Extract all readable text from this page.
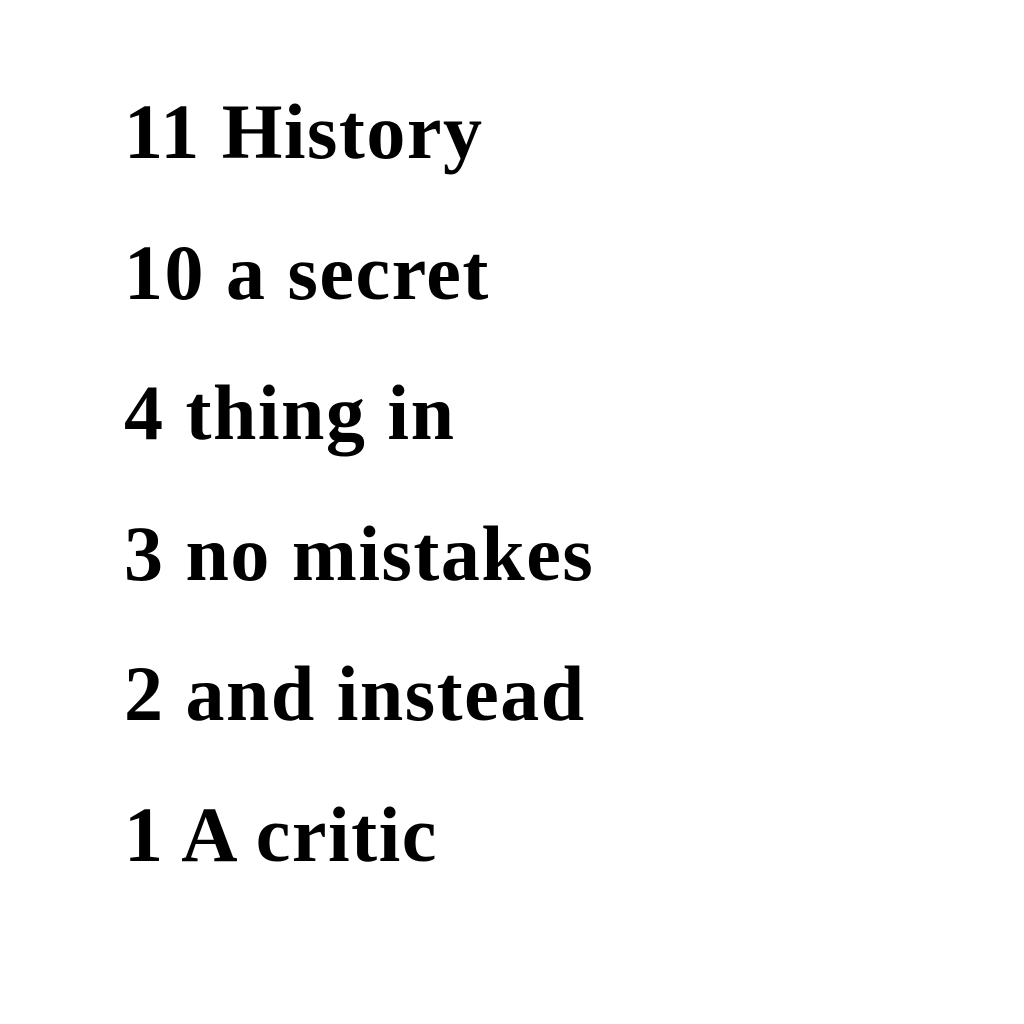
11 History
10 a secret
4 thing in
3 no mistakes
2 and instead
1 A critic
